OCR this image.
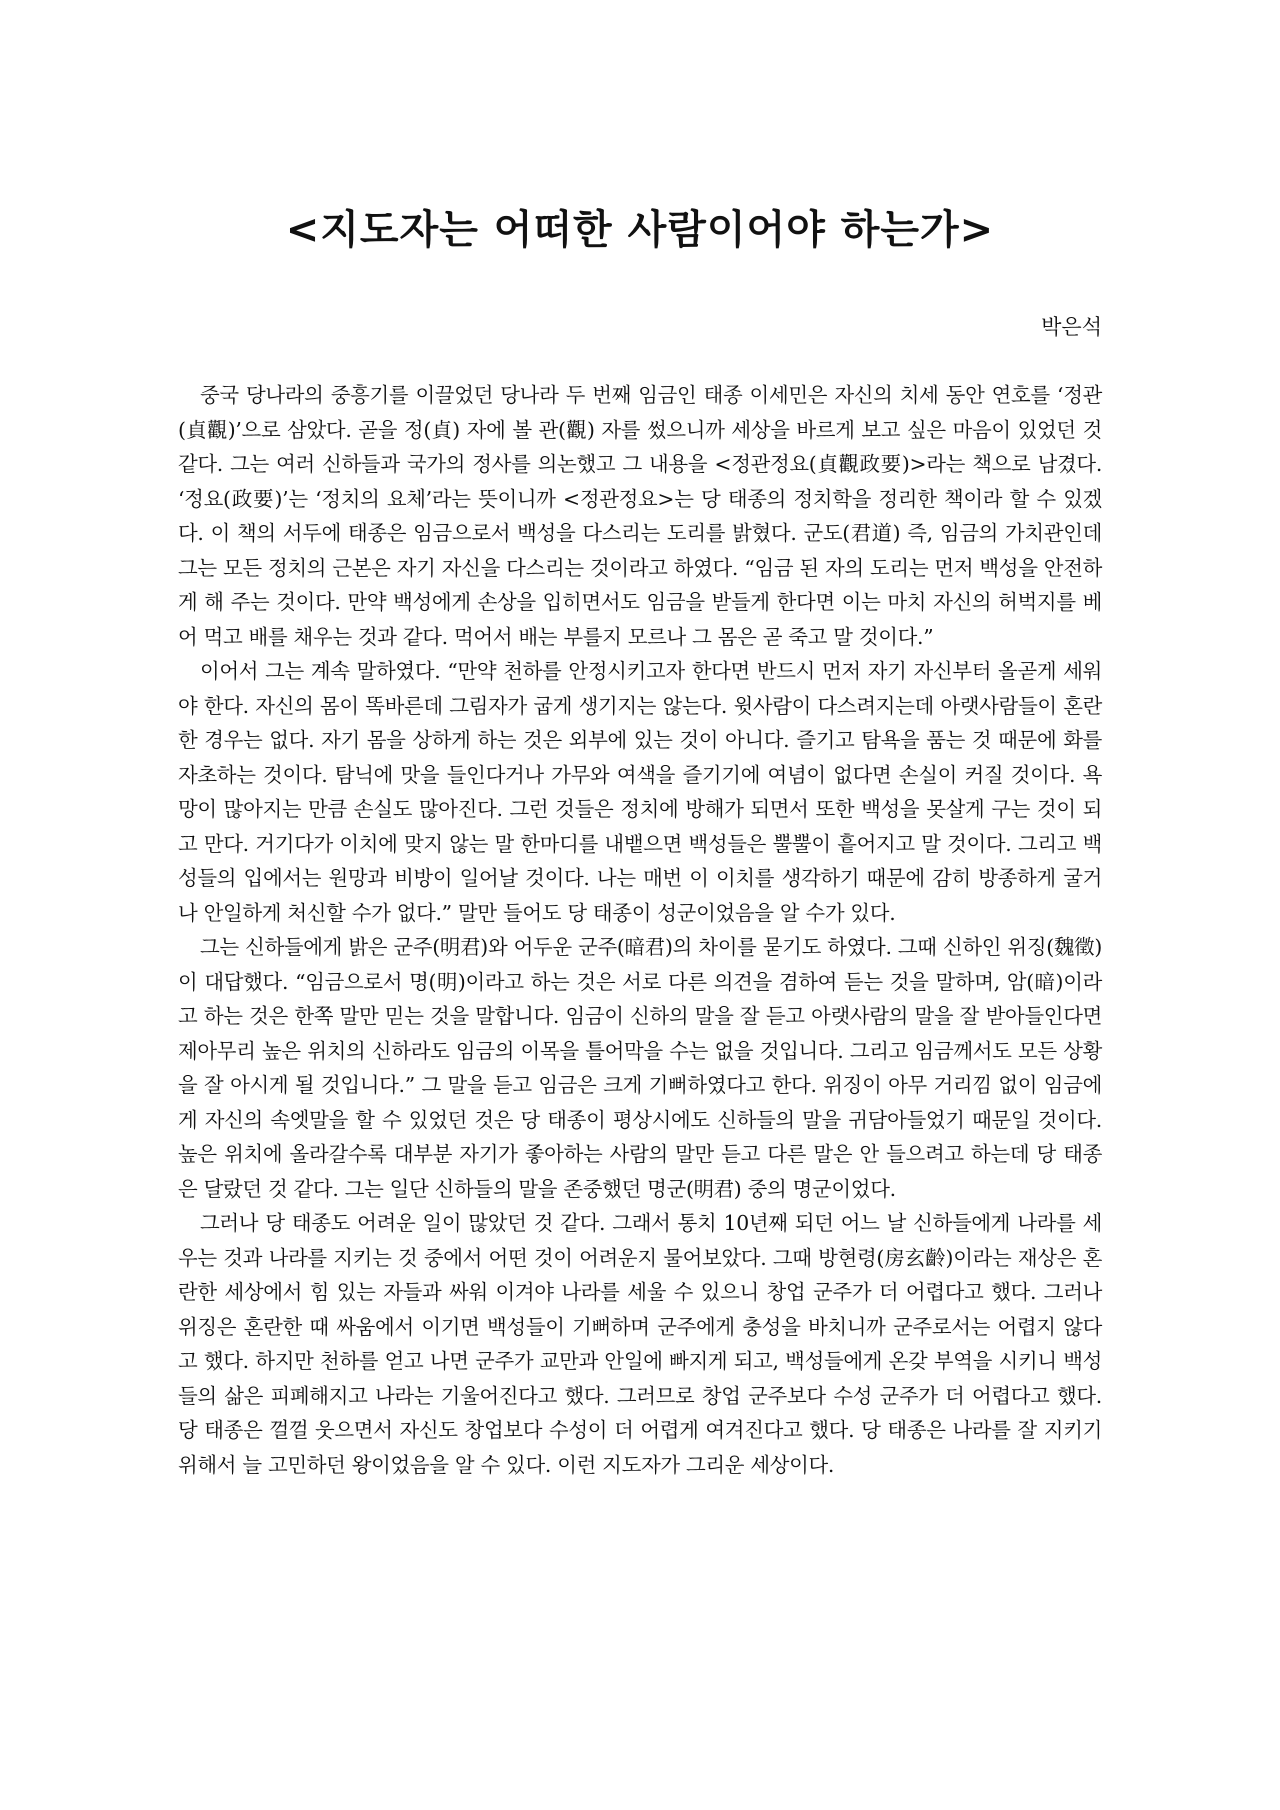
<지도자는 어떠한 사람이어야 하는가>
박은석

중국 당나라의 중흥기를 이끌었던 당나라 두 번째 임금인 태종 이세민은 자신의 치세 동안 연호를 ‘정관(貞觀)’으로 삼았다. 곧을 정(貞) 자에 볼 관(觀) 자를 썼으니까 세상을 바르게 보고 싶은 마음이 있었던 것 같다. 그는 여러 신하들과 국가의 정사를 의논했고 그 내용을 <정관정요(貞觀政要)>라는 책으로 남겼다. ‘정요(政要)’는 ‘정치의 요체’라는 뜻이니까 <정관정요>는 당 태종의 정치학을 정리한 책이라 할 수 있겠다. 이 책의 서두에 태종은 임금으로서 백성을 다스리는 도리를 밝혔다. 군도(君道) 즉, 임금의 가치관인데 그는 모든 정치의 근본은 자기 자신을 다스리는 것이라고 하였다. “임금 된 자의 도리는 먼저 백성을 안전하게 해 주는 것이다. 만약 백성에게 손상을 입히면서도 임금을 받들게 한다면 이는 마치 자신의 허벅지를 베어 먹고 배를 채우는 것과 같다. 먹어서 배는 부를지 모르나 그 몸은 곧 죽고 말 것이다.”

이어서 그는 계속 말하였다. “만약 천하를 안정시키고자 한다면 반드시 먼저 자기 자신부터 올곧게 세워야 한다. 자신의 몸이 똑바른데 그림자가 굽게 생기지는 않는다. 윗사람이 다스려지는데 아랫사람들이 혼란한 경우는 없다. 자기 몸을 상하게 하는 것은 외부에 있는 것이 아니다. 즐기고 탐욕을 품는 것 때문에 화를 자초하는 것이다. 탐닉에 맛을 들인다거나 가무와 여색을 즐기기에 여념이 없다면 손실이 커질 것이다. 욕망이 많아지는 만큼 손실도 많아진다. 그런 것들은 정치에 방해가 되면서 또한 백성을 못살게 구는 것이 되고 만다. 거기다가 이치에 맞지 않는 말 한마디를 내뱉으면 백성들은 뿔뿔이 흩어지고 말 것이다. 그리고 백성들의 입에서는 원망과 비방이 일어날 것이다. 나는 매번 이 이치를 생각하기 때문에 감히 방종하게 굴거나 안일하게 처신할 수가 없다.” 말만 들어도 당 태종이 성군이었음을 알 수가 있다.

그는 신하들에게 밝은 군주(明君)와 어두운 군주(暗君)의 차이를 묻기도 하였다. 그때 신하인 위징(魏徵)이 대답했다. “임금으로서 명(明)이라고 하는 것은 서로 다른 의견을 겸하여 듣는 것을 말하며, 암(暗)이라고 하는 것은 한쪽 말만 믿는 것을 말합니다. 임금이 신하의 말을 잘 듣고 아랫사람의 말을 잘 받아들인다면 제아무리 높은 위치의 신하라도 임금의 이목을 틀어막을 수는 없을 것입니다. 그리고 임금께서도 모든 상황을 잘 아시게 될 것입니다.” 그 말을 듣고 임금은 크게 기뻐하였다고 한다. 위징이 아무 거리낌 없이 임금에게 자신의 속엣말을 할 수 있었던 것은 당 태종이 평상시에도 신하들의 말을 귀담아들었기 때문일 것이다. 높은 위치에 올라갈수록 대부분 자기가 좋아하는 사람의 말만 듣고 다른 말은 안 들으려고 하는데 당 태종은 달랐던 것 같다. 그는 일단 신하들의 말을 존중했던 명군(明君) 중의 명군이었다.

그러나 당 태종도 어려운 일이 많았던 것 같다. 그래서 통치 10년째 되던 어느 날 신하들에게 나라를 세우는 것과 나라를 지키는 것 중에서 어떤 것이 어려운지 물어보았다. 그때 방현령(房玄齡)이라는 재상은 혼란한 세상에서 힘 있는 자들과 싸워 이겨야 나라를 세울 수 있으니 창업 군주가 더 어렵다고 했다. 그러나 위징은 혼란한 때 싸움에서 이기면 백성들이 기뻐하며 군주에게 충성을 바치니까 군주로서는 어렵지 않다고 했다. 하지만 천하를 얻고 나면 군주가 교만과 안일에 빠지게 되고, 백성들에게 온갖 부역을 시키니 백성들의 삶은 피폐해지고 나라는 기울어진다고 했다. 그러므로 창업 군주보다 수성 군주가 더 어렵다고 했다. 당 태종은 껄껄 웃으면서 자신도 창업보다 수성이 더 어렵게 여겨진다고 했다. 당 태종은 나라를 잘 지키기 위해서 늘 고민하던 왕이었음을 알 수 있다. 이런 지도자가 그리운 세상이다.
